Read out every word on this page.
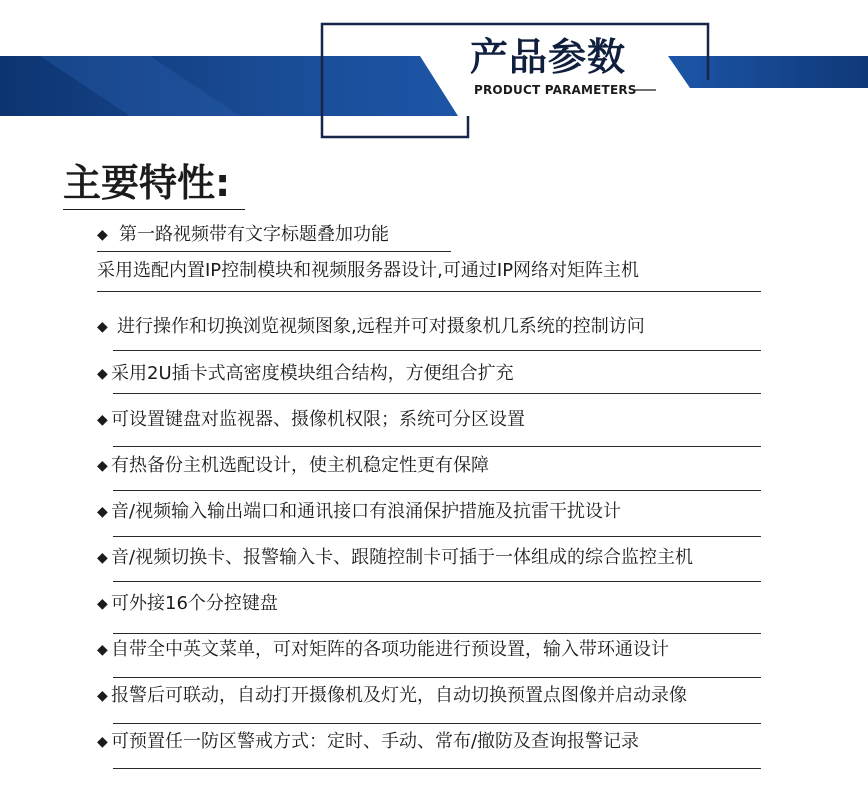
产品参数
PRODUCT PARAMETERS
主要特性:
◆ 第一路视频带有文字标题叠加功能
采用选配内置IP控制模块和视频服务器设计,可通过IP网络对矩阵主机
◆ 进行操作和切换浏览视频图象,远程并可对摄象机几系统的控制访问
◆ 采用2U插卡式高密度模块组合结构，方便组合扩充
◆ 可设置键盘对监视器、摄像机权限；系统可分区设置
◆ 有热备份主机选配设计，使主机稳定性更有保障
◆ 音/视频输入输出端口和通讯接口有浪涌保护措施及抗雷干扰设计
◆ 音/视频切换卡、报警输入卡、跟随控制卡可插于一体组成的综合监控主机
◆ 可外接16个分控键盘
◆ 自带全中英文菜单，可对矩阵的各项功能进行预设置，输入带环通设计
◆ 报警后可联动，自动打开摄像机及灯光，自动切换预置点图像并启动录像
◆ 可预置任一防区警戒方式：定时、手动、常布/撤防及查询报警记录
